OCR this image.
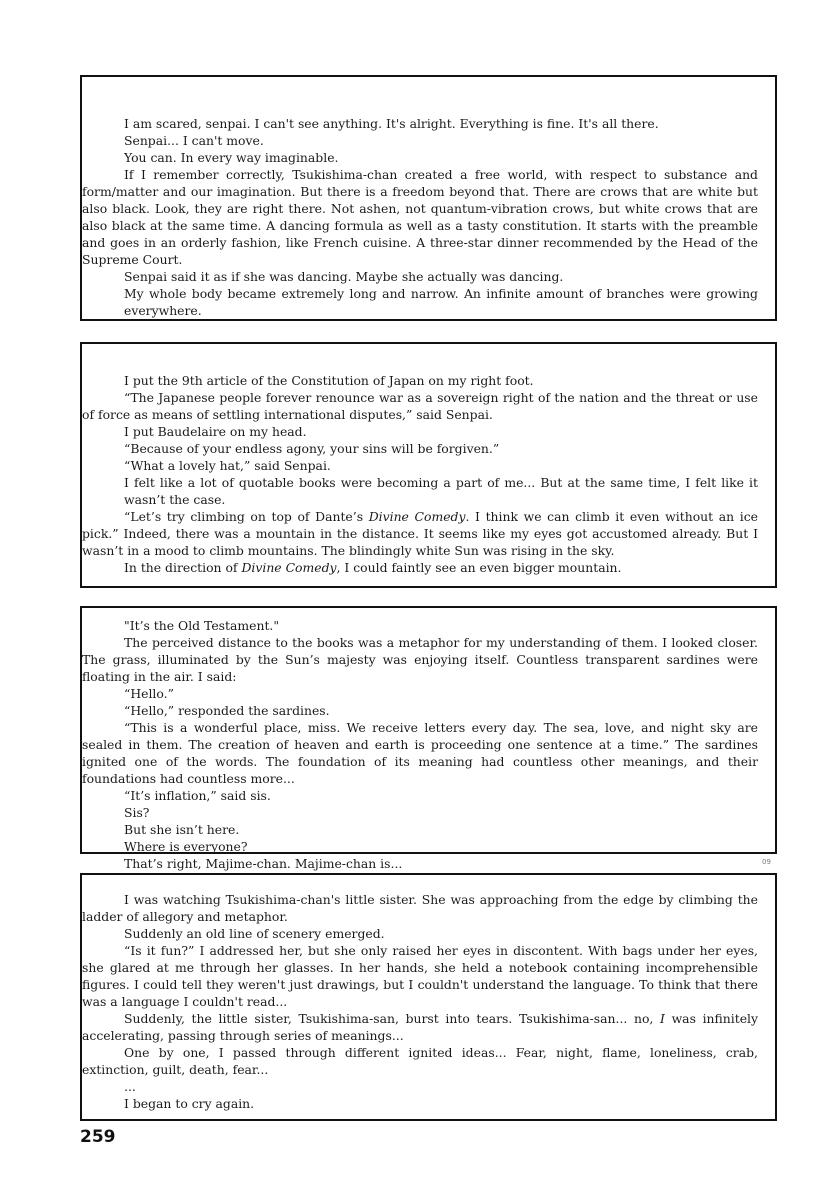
I am scared, senpai. I can't see anything. It's alright. Everything is fine. It's all there.

Senpai... I can't move.

You can. In every way imaginable.

If I remember correctly, Tsukishima-chan created a free world, with respect to substance and form/matter and our imagination. But there is a freedom beyond that. There are crows that are white but also black. Look, they are right there. Not ashen, not quantum-vibration crows, but white crows that are also black at the same time. A dancing formula as well as a tasty constitution. It starts with the preamble and goes in an orderly fashion, like French cuisine. A three-star dinner recommended by the Head of the Supreme Court.

Senpai said it as if she was dancing. Maybe she actually was dancing.

My whole body became extremely long and narrow. An infinite amount of branches were growing everywhere.

I put the 9th article of the Constitution of Japan on my right foot.

“The Japanese people forever renounce war as a sovereign right of the nation and the threat or use of force as means of settling international disputes,” said Senpai.

I put Baudelaire on my head.

“Because of your endless agony, your sins will be forgiven.”

“What a lovely hat,” said Senpai.

I felt like a lot of quotable books were becoming a part of me... But at the same time, I felt like it wasn’t the case.

“Let’s try climbing on top of Dante’s Divine Comedy. I think we can climb it even without an ice pick.” Indeed, there was a mountain in the distance. It seems like my eyes got accustomed already. But I wasn’t in a mood to climb mountains. The blindingly white Sun was rising in the sky.

In the direction of Divine Comedy, I could faintly see an even bigger mountain.

"It’s the Old Testament."

The perceived distance to the books was a metaphor for my understanding of them. I looked closer. The grass, illuminated by the Sun’s majesty was enjoying itself. Countless transparent sardines were floating in the air. I said:

“Hello.”

“Hello,” responded the sardines.

“This is a wonderful place, miss. We receive letters every day. The sea, love, and night sky are sealed in them. The creation of heaven and earth is proceeding one sentence at a time.” The sardines ignited one of the words. The foundation of its meaning had countless other meanings, and their foundations had countless more...

“It’s inflation,” said sis.

Sis?

But she isn’t here.

Where is everyone?

That’s right, Majime-chan. Majime-chan is...

I was watching Tsukishima-chan's little sister. She was approaching from the edge by climbing the ladder of allegory and metaphor.

Suddenly an old line of scenery emerged.

“Is it fun?” I addressed her, but she only raised her eyes in discontent. With bags under her eyes, she glared at me through her glasses. In her hands, she held a notebook containing incomprehensible figures. I could tell they weren't just drawings, but I couldn't understand the language. To think that there was a language I couldn't read...

Suddenly, the little sister, Tsukishima-san, burst into tears. Tsukishima-san... no, I was infinitely accelerating, passing through series of meanings...

One by one, I passed through different ignited ideas... Fear, night, flame, loneliness, crab, extinction, guilt, death, fear...

...

I began to cry again.

09
259
